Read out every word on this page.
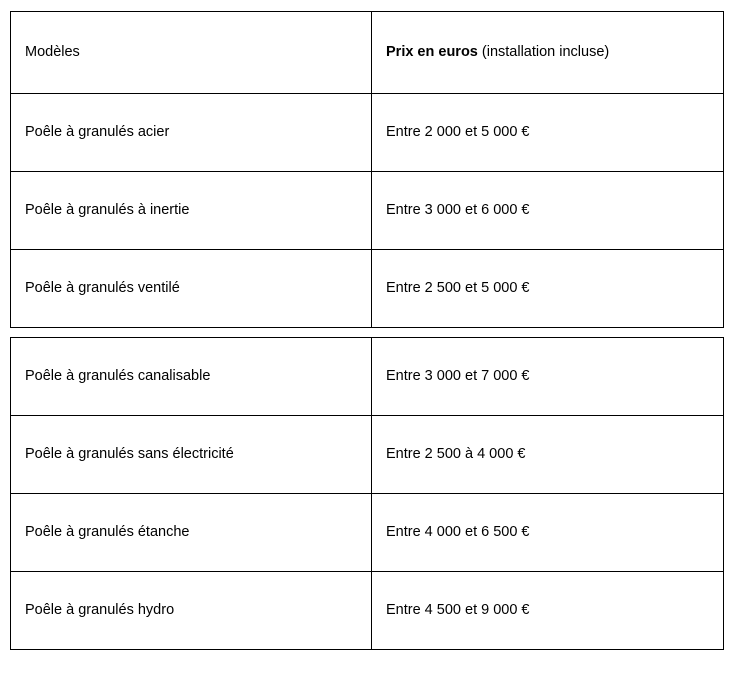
Modèles	Prix en euros (installation incluse)
Poêle à granulés acier	Entre 2 000 et 5 000 €
Poêle à granulés à inertie	Entre 3 000 et 6 000 €
Poêle à granulés ventilé	Entre 2 500 et 5 000 €
Poêle à granulés canalisable	Entre 3 000 et 7 000 €
Poêle à granulés sans électricité	Entre 2 500 à 4 000 €
Poêle à granulés étanche	Entre 4 000 et 6 500 €
Poêle à granulés hydro	Entre 4 500 et 9 000 €
